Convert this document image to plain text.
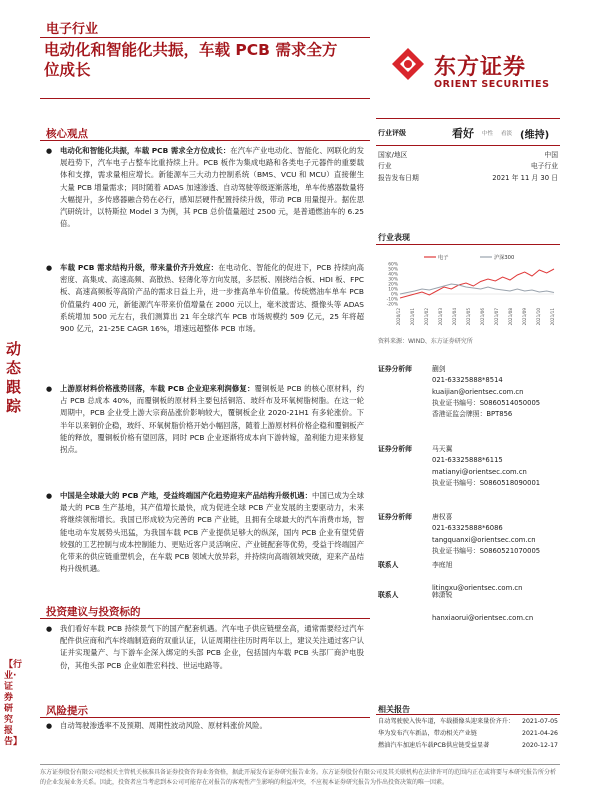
电子行业
电动化和智能化共振，车载 PCB 需求全方位成长	东方证券
ORIENT SECURITIES
动态跟踪
【行业·证券研究报告】
核心观点
●	电动化和智能化共振，车载 PCB 需求全方位成长：在汽车产业电动化、智能化、网联化的发展趋势下，汽车电子占整车比重持续上升。PCB 板作为集成电路和各类电子元器件的重要载体和支撑，需求量相应增长。新能源车三大动力控制系统（BMS、VCU 和 MCU）直接催生大量 PCB 增量需求；同时随着 ADAS 加速渗透、自动驾驶等级逐渐落地，单车传感器数量将大幅提升，多传感器融合势在必行，感知层硬件配置持续升级，带动 PCB 用量提升。据佐思汽研统计，以特斯拉 Model 3 为例，其 PCB 总价值量超过 2500 元，是普通燃油车的 6.25 倍。
●	车载 PCB 需求结构升级，带来量价齐升效应：在电动化、智能化的促进下，PCB 持续向高密度、高集成、高速高频、高散热、轻薄化等方向发展，多层板、刚挠结合板、HDI 板、FPC 板、高速高频板等高阶产品的需求日益上升，进一步推高单车价值量。传统燃油车单车 PCB 价值量约 400 元，新能源汽车带来价值增量在 2000 元以上，毫米波雷达、摄像头等 ADAS 系统增加 500 元左右，我们测算出 21 年全球汽车 PCB 市场规模约 509 亿元，25 年将超 900 亿元，21-25E CAGR 16%，增速远超整体 PCB 市场。
●	上游原材料价格涨势回落，车载 PCB 企业迎来利润修复：覆铜板是 PCB 的核心原材料，约占 PCB 总成本 40%，而覆铜板的原材料主要包括铜箔、玻纤布及环氧树脂树脂。在这一轮周期中，PCB 企业受上游大宗商品涨价影响较大，覆铜板企业 2020-21H1 有多轮涨价。下半年以来铜价企稳，玻纤、环氧树脂价格开始小幅回落，随着上游原材料价格企稳和覆铜板产能的释放，覆铜板价格有望回落，同时 PCB 企业逐渐将成本向下游转嫁，盈利能力迎来修复拐点。
●	中国是全球最大的 PCB 产地，受益终端国产化趋势迎来产品结构升级机遇：中国已成为全球最大的 PCB 生产基地，其产值增长最快，成为促进全球 PCB 产业发展的主要驱动力，未来将继续领衔增长。我国已形成较为完善的 PCB 产业链，且拥有全球最大的汽车消费市场，智能电动车发展势头迅猛，为我国车载 PCB 产业提供足够大的纵深，国内 PCB 企业有望凭借较强的工艺控制与成本控制能力、更贴近客户灵活响应、产业链配套等优势，受益于终端国产化带来的供应链重塑机会，在车载 PCB 领域大放异彩，并持续向高端领域突破，迎来产品结构升级机遇。
投资建议与投资标的
●	我们看好车载 PCB 持续景气下的国产配套机遇。汽车电子供应链壁垒高，通常需要经过汽车配件供应商和汽车终端制造商的双重认证，认证周期往往历时两年以上，建议关注通过客户认证并实现量产、与下游车企深入绑定的头部 PCB 企业，包括国内车载 PCB 头部厂商沪电股份，其他头部 PCB 企业如胜宏科技、世运电路等。
风险提示
●	自动驾驶渗透率不及预期、周期性波动风险、原材料涨价风险。
行业评级	看好 中性 看淡 (维持)
国家/地区	中国
行业	电子行业
报告发布日期	2021 年 11 月 30 日
行业表现
电子	沪深300
60%
50%
40%
30%
20%
10%
0%
-10%
-20%
2020/12 2021/01 2021/02 2021/03 2021/04 2021/05 2021/06 2021/07 2021/08 2021/09 2021/10 2021/11
资料来源：WIND、东方证券研究所
证券分析师	蒯剑
021-63325888*8514
kuaijian@orientsec.com.cn
执业证书编号：S0860514050005
香港证监会牌照：BPT856
证券分析师	马天翼
021-63325888*6115
matianyi@orientsec.com.cn
执业证书编号：S0860518090001
证券分析师	唐权喜
021-63325888*6086
tangquanxi@orientsec.com.cn
执业证书编号：S0860521070005
联系人	李庭旭

litingxu@orientsec.com.cn
联系人	韩潇锐

hanxiaorui@orientsec.com.cn
相关报告
自动驾驶驶入快车道，车载摄像头迎来量价齐升： 2021-07-05
华为发布汽车新品，带动相关产业链	2021-04-26
燃油汽车加速后车载PCB供应链受益显著	2020-12-17
东方证券股份有限公司经相关主管机关核准具备证券投资咨询业务资格，据此开展发布证券研究报告业务。东方证券股份有限公司及其关联机构在法律许可的范围内正在或将要与本研究报告所分析的企业发展业务关系。因此，投资者应当考虑到本公司可能存在对报告的客观性产生影响的利益冲突，不应视本证券研究报告为作出投资决策的唯一因素。
